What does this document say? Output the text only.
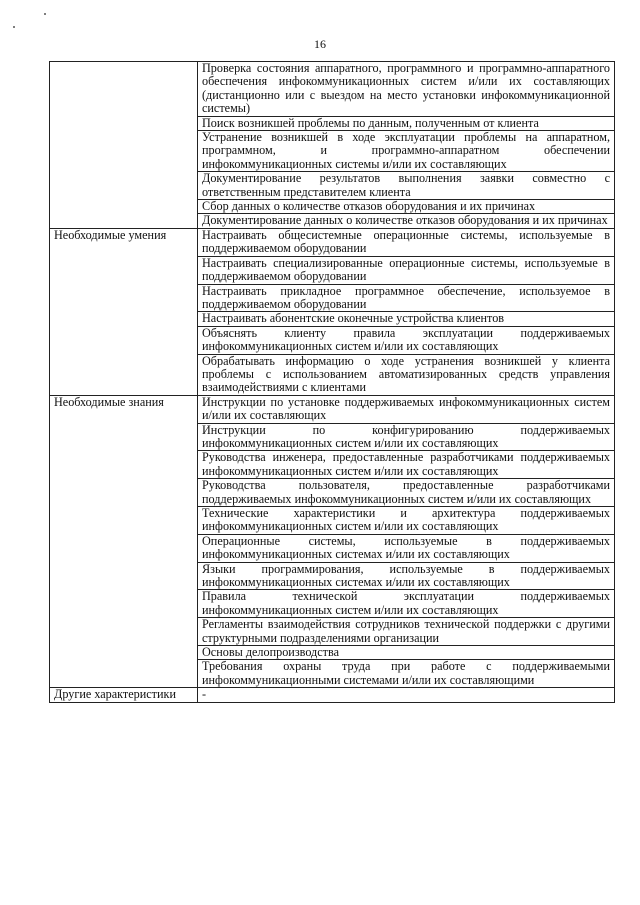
16
	Проверка состояния аппаратного, программного и программно-аппаратного обеспечения инфокоммуникационных систем и/или их составляющих (дистанционно или с выездом на место установки инфокоммуникационной системы)
	Поиск возникшей проблемы по данным, полученным от клиента
	Устранение возникшей в ходе эксплуатации проблемы на аппаратном, программном, и программно-аппаратном обеспечении инфокоммуникационных системы и/или их составляющих
	Документирование результатов выполнения заявки совместно с ответственным представителем клиента
	Сбор данных о количестве отказов оборудования и их причинах
	Документирование данных о количестве отказов оборудования и их причинах
Необходимые умения	Настраивать общесистемные операционные системы, используемые в поддерживаемом оборудовании
	Настраивать специализированные операционные системы, используемые в поддерживаемом оборудовании
	Настраивать прикладное программное обеспечение, используемое в поддерживаемом оборудовании
	Настраивать абонентские оконечные устройства клиентов
	Объяснять клиенту правила эксплуатации поддерживаемых инфокоммуникационных систем и/или их составляющих
	Обрабатывать информацию о ходе устранения возникшей у клиента проблемы с использованием автоматизированных средств управления взаимодействиями с клиентами
Необходимые знания	Инструкции по установке поддерживаемых инфокоммуникационных систем и/или их составляющих
	Инструкции по конфигурированию поддерживаемых инфокоммуникационных систем и/или их составляющих
	Руководства инженера, предоставленные разработчиками поддерживаемых инфокоммуникационных систем и/или их составляющих
	Руководства пользователя, предоставленные разработчиками поддерживаемых инфокоммуникационных систем и/или их составляющих
	Технические характеристики и архитектура поддерживаемых инфокоммуникационных систем и/или их составляющих
	Операционные системы, используемые в поддерживаемых инфокоммуникационных системах и/или их составляющих
	Языки программирования, используемые в поддерживаемых инфокоммуникационных системах и/или их составляющих
	Правила технической эксплуатации поддерживаемых инфокоммуникационных систем и/или их составляющих
	Регламенты взаимодействия сотрудников технической поддержки с другими структурными подразделениями организации
	Основы делопроизводства
	Требования охраны труда при работе с поддерживаемыми инфокоммуникационными системами и/или их составляющими
Другие характеристики	-
